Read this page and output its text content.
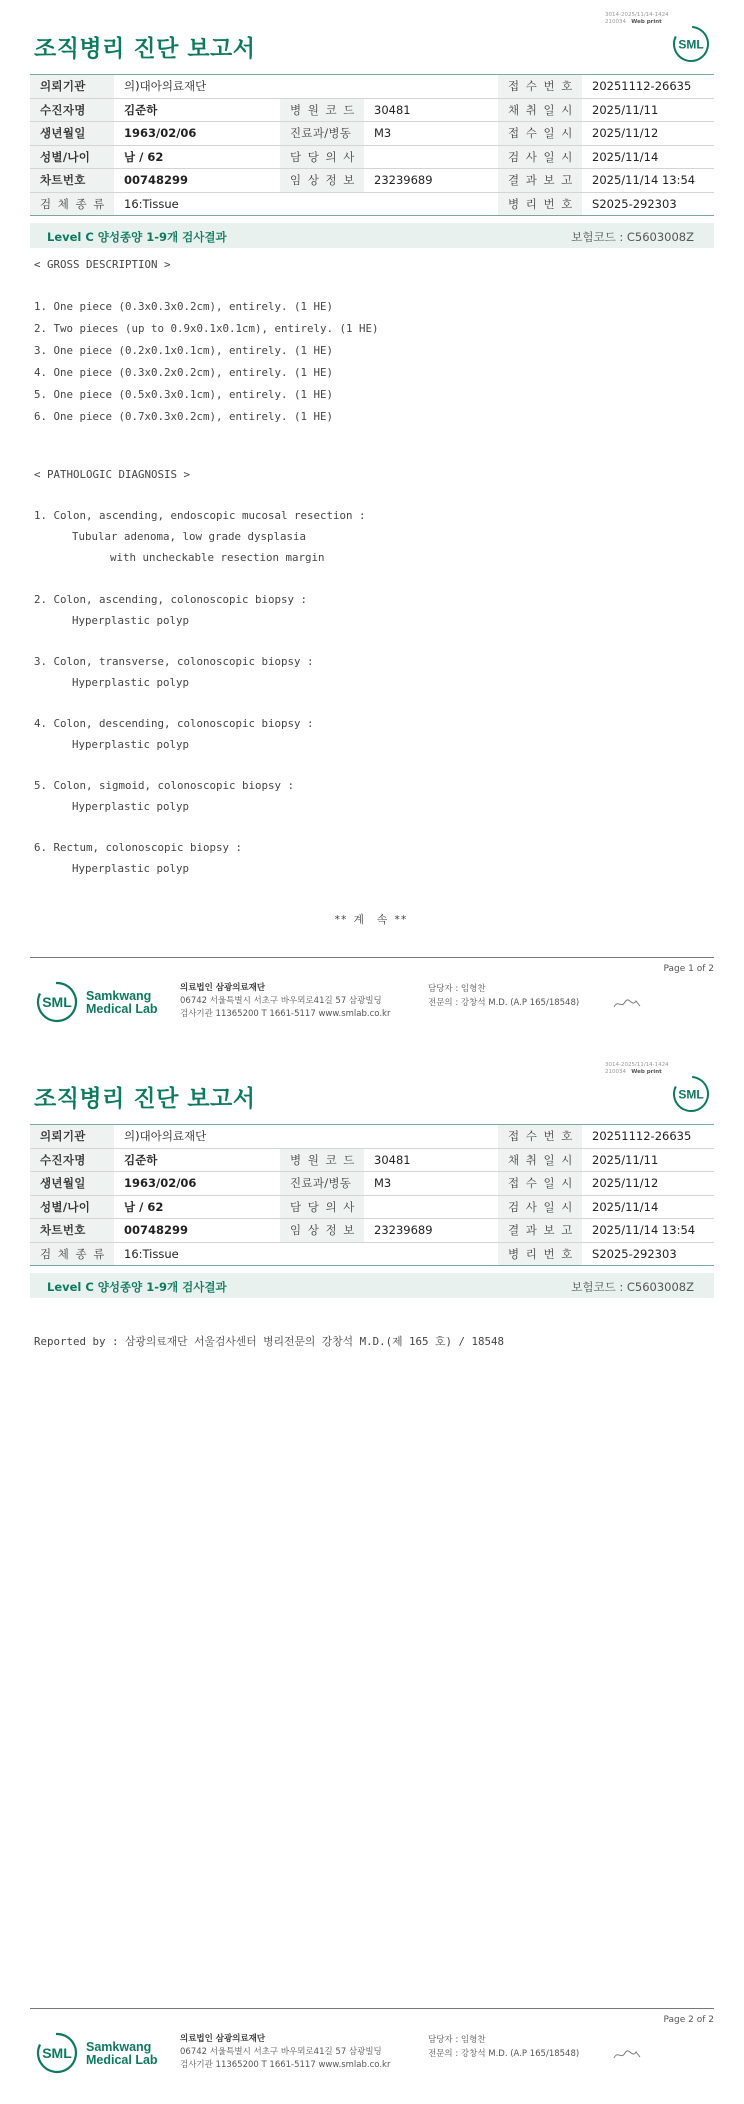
3014-2025/11/14-1424
210034 Web print
조직병리 진단 보고서	SML
의뢰기관	의)대아의료재단			접 수 번 호	20251112-26635
수진자명	김준하	병 원 코 드	30481	채 취 일 시	2025/11/11
생년월일	1963/02/06	진료과/병동	M3	접 수 일 시	2025/11/12
성별/나이	남 / 62	담 당 의 사		검 사 일 시	2025/11/14
차트번호	00748299	임 상 정 보	23239689	결 과 보 고	2025/11/14 13:54
검 체 종 류	16:Tissue			병 리 번 호	S2025-292303
Level C 양성종양 1-9개 검사결과	보험코드 : C5603008Z
< GROSS DESCRIPTION >
1. One piece (0.3x0.3x0.2cm), entirely. (1 HE)
2. Two pieces (up to 0.9x0.1x0.1cm), entirely. (1 HE)
3. One piece (0.2x0.1x0.1cm), entirely. (1 HE)
4. One piece (0.3x0.2x0.2cm), entirely. (1 HE)
5. One piece (0.5x0.3x0.1cm), entirely. (1 HE)
6. One piece (0.7x0.3x0.2cm), entirely. (1 HE)
< PATHOLOGIC DIAGNOSIS >
1. Colon, ascending, endoscopic mucosal resection :
Tubular adenoma, low grade dysplasia
with uncheckable resection margin
2. Colon, ascending, colonoscopic biopsy :
Hyperplastic polyp
3. Colon, transverse, colonoscopic biopsy :
Hyperplastic polyp
4. Colon, descending, colonoscopic biopsy :
Hyperplastic polyp
5. Colon, sigmoid, colonoscopic biopsy :
Hyperplastic polyp
6. Rectum, colonoscopic biopsy :
Hyperplastic polyp
** 계  속 **
Page 1 of 2
SML Samkwang
Medical Lab
의료법인 삼광의료재단
06742 서울특별시 서초구 바우뫼로41길 57 삼광빌딩
검사기관 11365200 T 1661-5117 www.smlab.co.kr
담당자 : 임형찬
전문의 : 강창석 M.D. (A.P 165/18548)
3014-2025/11/14-1424
210034 Web print
조직병리 진단 보고서	SML
의뢰기관	의)대아의료재단			접 수 번 호	20251112-26635
수진자명	김준하	병 원 코 드	30481	채 취 일 시	2025/11/11
생년월일	1963/02/06	진료과/병동	M3	접 수 일 시	2025/11/12
성별/나이	남 / 62	담 당 의 사		검 사 일 시	2025/11/14
차트번호	00748299	임 상 정 보	23239689	결 과 보 고	2025/11/14 13:54
검 체 종 류	16:Tissue			병 리 번 호	S2025-292303
Level C 양성종양 1-9개 검사결과	보험코드 : C5603008Z
Reported by : 삼광의료재단 서울검사센터 병리전문의 강창석 M.D.(제 165 호) / 18548
Page 2 of 2
SML Samkwang
Medical Lab
의료법인 삼광의료재단
06742 서울특별시 서초구 바우뫼로41길 57 삼광빌딩
검사기관 11365200 T 1661-5117 www.smlab.co.kr
담당자 : 임형찬
전문의 : 강창석 M.D. (A.P 165/18548)
